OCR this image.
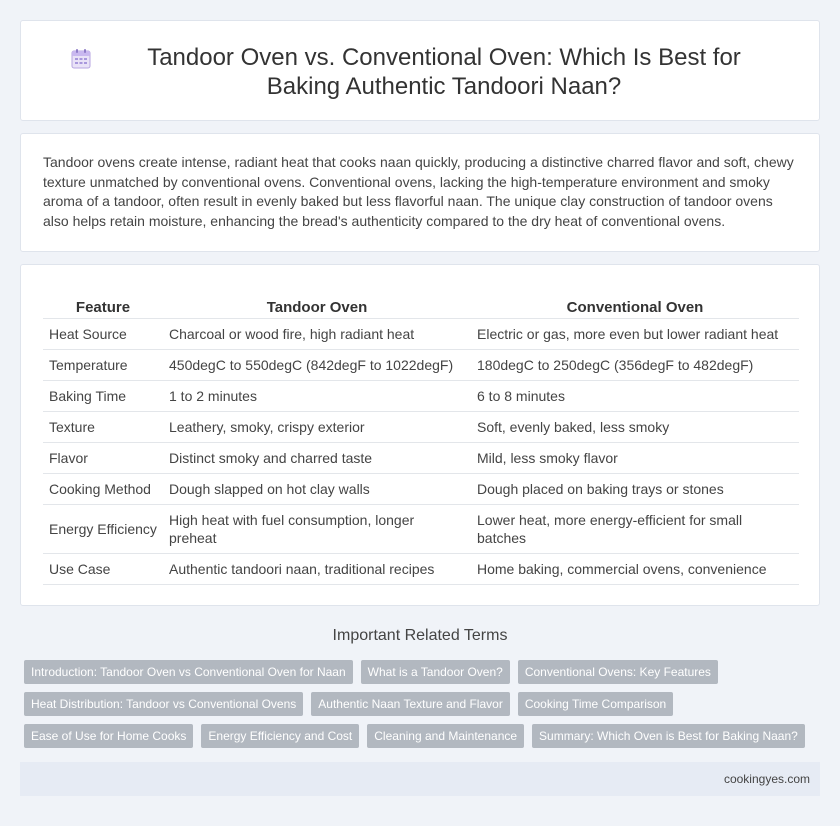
Tandoor Oven vs. Conventional Oven: Which Is Best for Baking Authentic Tandoori Naan?

Tandoor ovens create intense, radiant heat that cooks naan quickly, producing a distinctive charred flavor and soft, chewy texture unmatched by conventional ovens. Conventional ovens, lacking the high-temperature environment and smoky aroma of a tandoor, often result in evenly baked but less flavorful naan. The unique clay construction of tandoor ovens also helps retain moisture, enhancing the bread's authenticity compared to the dry heat of conventional ovens.

Feature	Tandoor Oven	Conventional Oven
Heat Source	Charcoal or wood fire, high radiant heat	Electric or gas, more even but lower radiant heat
Temperature	450degC to 550degC (842degF to 1022degF)	180degC to 250degC (356degF to 482degF)
Baking Time	1 to 2 minutes	6 to 8 minutes
Texture	Leathery, smoky, crispy exterior	Soft, evenly baked, less smoky
Flavor	Distinct smoky and charred taste	Mild, less smoky flavor
Cooking Method	Dough slapped on hot clay walls	Dough placed on baking trays or stones
Energy Efficiency	High heat with fuel consumption, longer preheat	Lower heat, more energy-efficient for small batches
Use Case	Authentic tandoori naan, traditional recipes	Home baking, commercial ovens, convenience
Important Related Terms
Introduction: Tandoor Oven vs Conventional Oven for Naan	What is a Tandoor Oven?	Conventional Ovens: Key Features
Heat Distribution: Tandoor vs Conventional Ovens	Authentic Naan Texture and Flavor	Cooking Time Comparison
Ease of Use for Home Cooks	Energy Efficiency and Cost	Cleaning and Maintenance	Summary: Which Oven is Best for Baking Naan?
cookingyes.com
